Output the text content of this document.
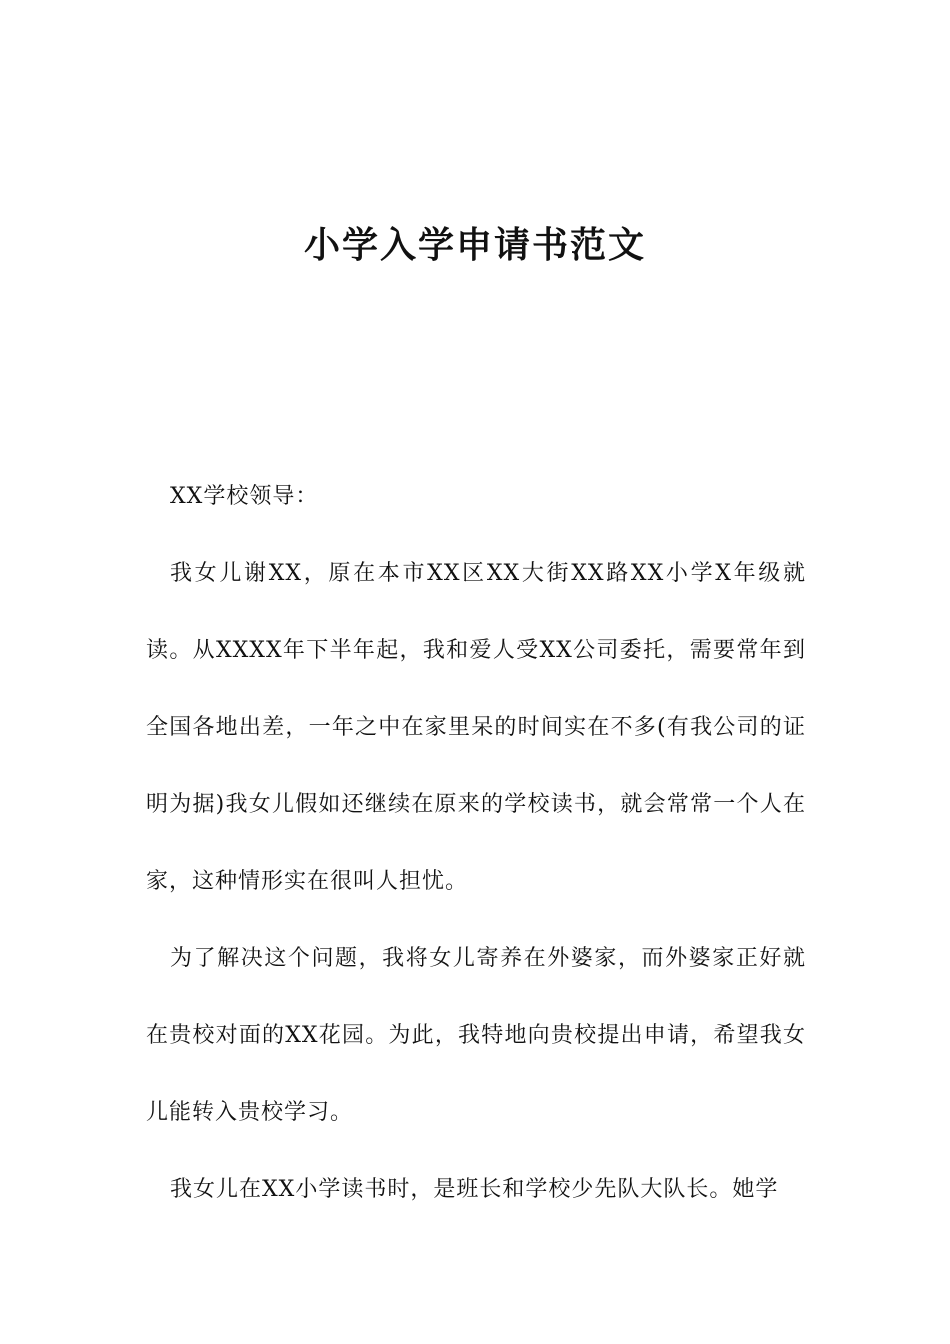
小学入学申请书范文

XX学校领导：

我女儿谢XX，原在本市XX区XX大街XX路XX小学X年级就读。从XXXX年下半年起，我和爱人受XX公司委托，需要常年到全国各地出差，一年之中在家里呆的时间实在不多(有我公司的证明为据)我女儿假如还继续在原来的学校读书，就会常常一个人在家，这种情形实在很叫人担忧。

为了解决这个问题，我将女儿寄养在外婆家，而外婆家正好就在贵校对面的XX花园。为此，我特地向贵校提出申请，希望我女儿能转入贵校学习。

我女儿在XX小学读书时，是班长和学校少先队大队长。她学
